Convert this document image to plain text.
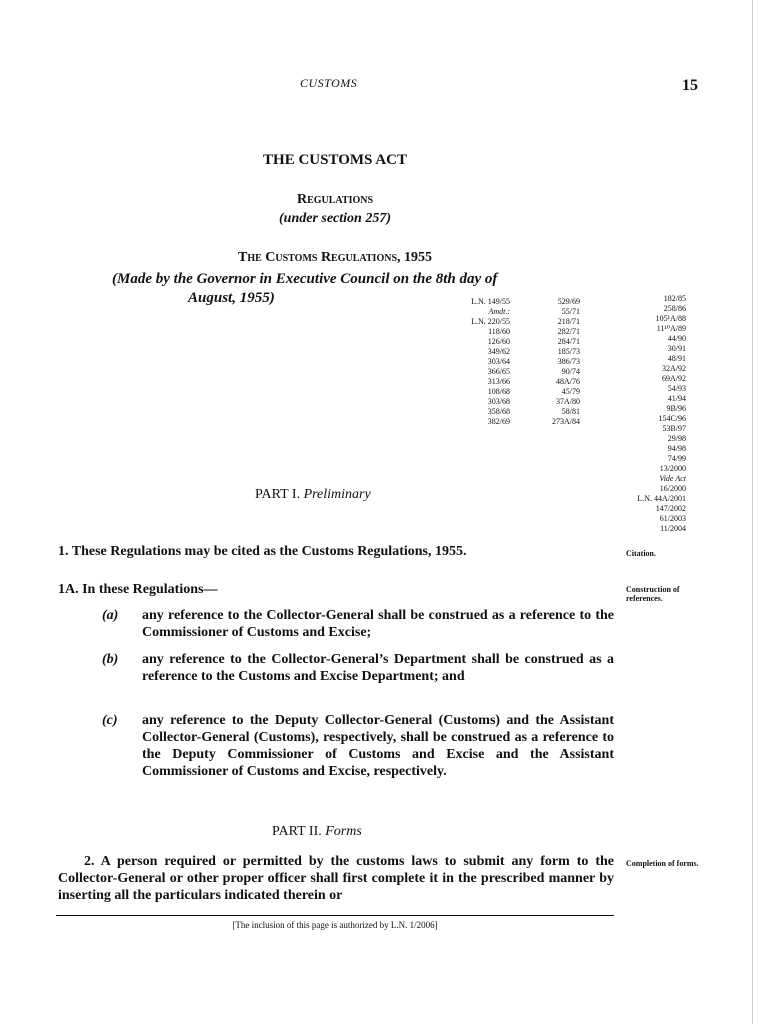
CUSTOMS	15
THE CUSTOMS ACT
Regulations
(under section 257)
The Customs Regulations, 1955
(Made by the Governor in Executive Council on the 8th day of
August, 1955)	L.N. 149/55
Amdt.:
L.N. 220/55
118/60
126/60
349/62
303/64
366/65
313/66
108/68
303/68
358/68
382/69
529/69
55/71
218/71
282/71
284/71
185/73
386/73
90/74
48A/76
45/79
37A/80
58/81
273A/84
182/85
258/86
105¹A/88
11¹⁰A/89
44/90
30/91
48/91
32A/92
69A/92
54/93
41/94
9B/96
154C/96
53B/97
29/98
94/98
74/99
13/2000
Vide Act
16/2000
L.N. 44A/2001
147/2002
61/2003
11/2004
PART I. Preliminary
1. These Regulations may be cited as the Customs Regulations, 1955.	Citation.
1A. In these Regulations—	Construction of references.
(a) any reference to the Collector-General shall be construed as a reference to the Commissioner of Customs and Excise;
(b) any reference to the Collector-General’s Department shall be construed as a reference to the Customs and Excise Department; and
(c) any reference to the Deputy Collector-General (Customs) and the Assistant Collector-General (Customs), respectively, shall be construed as a reference to the Deputy Commissioner of Customs and Excise and the Assistant Commissioner of Customs and Excise, respectively.
PART II. Forms
2. A person required or permitted by the customs laws to submit any form to the Collector-General or other proper officer shall first complete it in the prescribed manner by inserting all the particulars indicated therein or
Completion of forms.
[The inclusion of this page is authorized by L.N. 1/2006]
